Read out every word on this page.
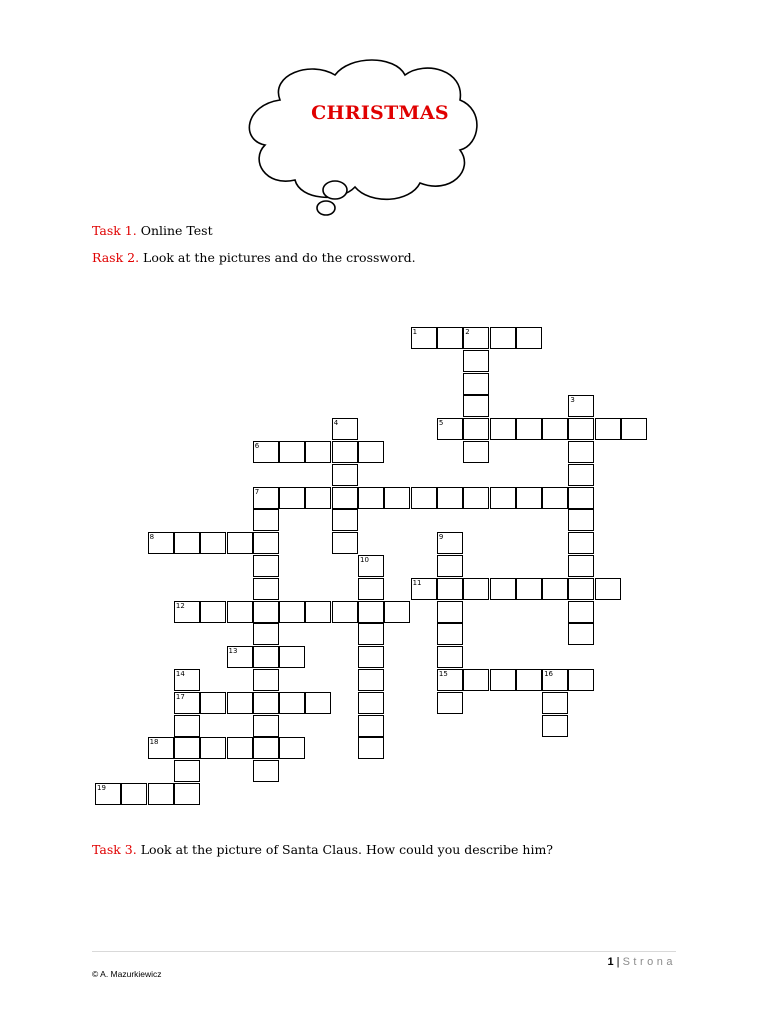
CHRISTMAS
Task 1. Online Test
Rask 2. Look at the pictures and do the crossword.
Task 3. Look at the picture of Santa Claus. How could you describe him?
1	2
3
4	5
6
7
8	9
10
11
12
13
14	15	16
17
18
19
1 | Strona
© A. Mazurkiewicz
